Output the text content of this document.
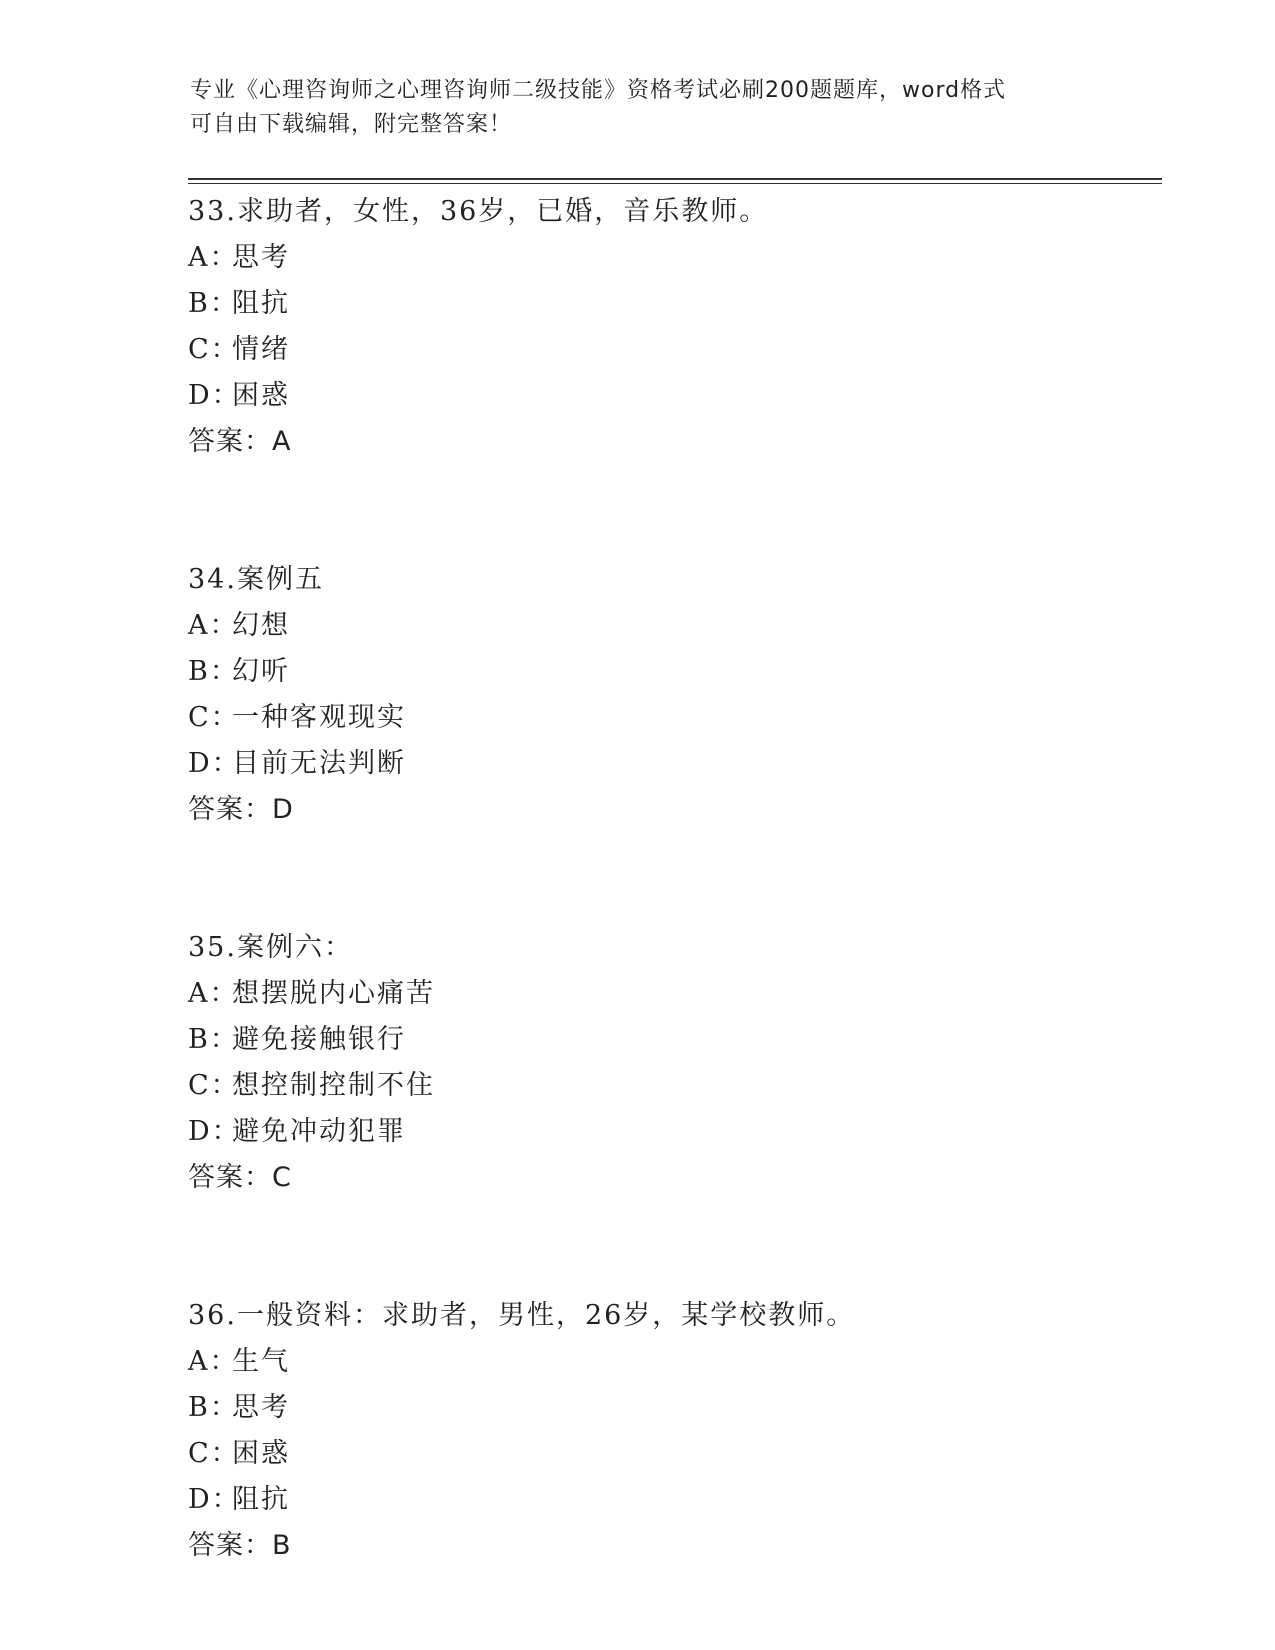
专业《心理咨询师之心理咨询师二级技能》资格考试必刷200题题库，word格式
可自由下载编辑，附完整答案！
33.求助者，女性，36岁，已婚，音乐教师。
A：思考
B：阻抗
C：情绪
D：困惑
答案：A
34.案例五
A：幻想
B：幻听
C：一种客观现实
D：目前无法判断
答案：D
35.案例六：
A：想摆脱内心痛苦
B：避免接触银行
C：想控制控制不住
D：避免冲动犯罪
答案：C
36.一般资料：求助者，男性，26岁，某学校教师。
A：生气
B：思考
C：困惑
D：阻抗
答案：B
